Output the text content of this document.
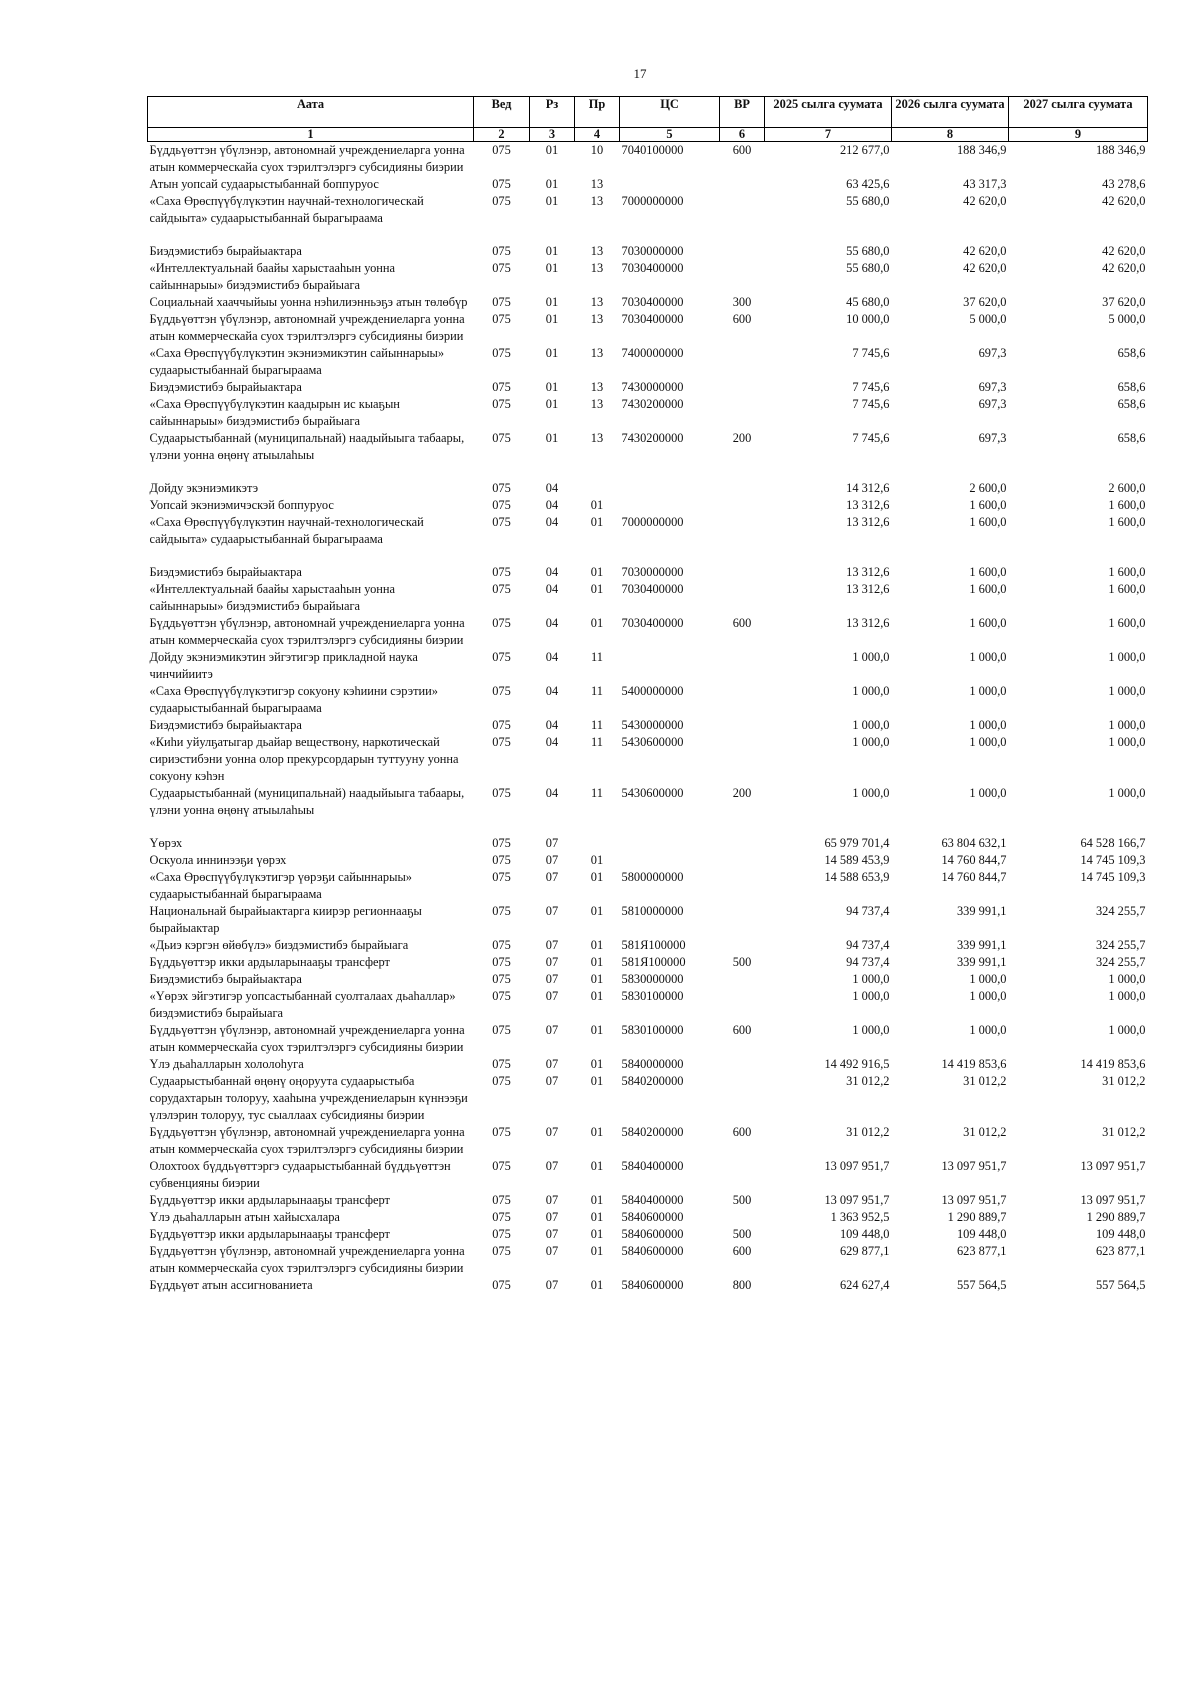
17
Аата	Вед	Рз	Пр	ЦС	ВР	2025 сылга суумата	2026 сылга суумата	2027 сылга суумата
1	2	3	4	5	6	7	8	9
Бүддьүөттэн үбүлэнэр, автономнай учреждениеларга уонна атын коммерческайа суох тэрилтэлэргэ субсидияны биэрии	075	01	10	7040100000	600	212 677,0	188 346,9	188 346,9
Атын уопсай судаарыстыбаннай боппуруос	075	01	13			63 425,6	43 317,3	43 278,6
«Саха Өрөспүүбүлүкэтин научнай-технологическай сайдыыта» судаарыстыбаннай бырагыраама	075	01	13	7000000000		55 680,0	42 620,0	42 620,0

Биэдэмистибэ бырайыактара	075	01	13	7030000000		55 680,0	42 620,0	42 620,0
«Интеллектуальнай баайы харыстааһын уонна сайыннарыы» биэдэмистибэ бырайыага	075	01	13	7030400000		55 680,0	42 620,0	42 620,0
Социальнай хааччыйыы уонна нэһилиэнньэҕэ атын төлөбүр	075	01	13	7030400000	300	45 680,0	37 620,0	37 620,0
Бүддьүөттэн үбүлэнэр, автономнай учреждениеларга уонна атын коммерческайа суох тэрилтэлэргэ субсидияны биэрии	075	01	13	7030400000	600	10 000,0	5 000,0	5 000,0
«Саха Өрөспүүбүлүкэтин экэниэмикэтин сайыннарыы» судаарыстыбаннай бырагыраама	075	01	13	7400000000		7 745,6	697,3	658,6
Биэдэмистибэ бырайыактара	075	01	13	7430000000		7 745,6	697,3	658,6
«Саха Өрөспүүбүлүкэтин каадырын ис кыаҕын сайыннарыы» биэдэмистибэ бырайыага	075	01	13	7430200000		7 745,6	697,3	658,6
Судаарыстыбаннай (муниципальнай) наадыйыыга табаары, үлэни уонна өңөнү атыылаһыы	075	01	13	7430200000	200	7 745,6	697,3	658,6

Дойду экэниэмикэтэ	075	04				14 312,6	2 600,0	2 600,0
Уопсай экэниэмичэскэй боппуруос	075	04	01			13 312,6	1 600,0	1 600,0
«Саха Өрөспүүбүлүкэтин научнай-технологическай сайдыыта» судаарыстыбаннай бырагыраама	075	04	01	7000000000		13 312,6	1 600,0	1 600,0

Биэдэмистибэ бырайыактара	075	04	01	7030000000		13 312,6	1 600,0	1 600,0
«Интеллектуальнай баайы харыстааһын уонна сайыннарыы» биэдэмистибэ бырайыага	075	04	01	7030400000		13 312,6	1 600,0	1 600,0
Бүддьүөттэн үбүлэнэр, автономнай учреждениеларга уонна атын коммерческайа суох тэрилтэлэргэ субсидияны биэрии	075	04	01	7030400000	600	13 312,6	1 600,0	1 600,0
Дойду экэниэмикэтин эйгэтигэр прикладной наука чинчийиитэ	075	04	11			1 000,0	1 000,0	1 000,0
«Саха Өрөспүүбүлүкэтигэр сокуону кэһиини сэрэтии» судаарыстыбаннай бырагыраама	075	04	11	5400000000		1 000,0	1 000,0	1 000,0
Биэдэмистибэ бырайыактара	075	04	11	5430000000		1 000,0	1 000,0	1 000,0
«Киһи уйулҕатыгар дьайар веществону, наркотическай сириэстибэни уонна олор прекурсордарын туттууну уонна сокуону кэһэн	075	04	11	5430600000		1 000,0	1 000,0	1 000,0
Судаарыстыбаннай (муниципальнай) наадыйыыга табаары, үлэни уонна өңөнү атыылаһыы	075	04	11	5430600000	200	1 000,0	1 000,0	1 000,0

Үөрэх	075	07				65 979 701,4	63 804 632,1	64 528 166,7
Оскуола иннинээҕи үөрэх	075	07	01			14 589 453,9	14 760 844,7	14 745 109,3
«Саха Өрөспүүбүлүкэтигэр үөрэҕи сайыннарыы» судаарыстыбаннай бырагыраама	075	07	01	5800000000		14 588 653,9	14 760 844,7	14 745 109,3
Национальнай бырайыактарга киирэр регионнааҕы бырайыактар	075	07	01	5810000000		94 737,4	339 991,1	324 255,7
«Дьиэ кэргэн өйөбүлэ» биэдэмистибэ бырайыага	075	07	01	581Я100000		94 737,4	339 991,1	324 255,7
Бүддьүөттэр икки ардыларынааҕы трансферт	075	07	01	581Я100000	500	94 737,4	339 991,1	324 255,7
Биэдэмистибэ бырайыактара	075	07	01	5830000000		1 000,0	1 000,0	1 000,0
«Үөрэх эйгэтигэр уопсастыбаннай суолталаах дьаһаллар» биэдэмистибэ бырайыага	075	07	01	5830100000		1 000,0	1 000,0	1 000,0
Бүддьүөттэн үбүлэнэр, автономнай учреждениеларга уонна атын коммерческайа суох тэрилтэлэргэ субсидияны биэрии	075	07	01	5830100000	600	1 000,0	1 000,0	1 000,0
Үлэ дьаһалларын хололоһуга	075	07	01	5840000000		14 492 916,5	14 419 853,6	14 419 853,6
Судаарыстыбаннай өңөнү оңоруута судаарыстыба сорудахтарын толоруу, хааһына учреждениеларын күннээҕи үлэлэрин толоруу, тус сыаллаах субсидияны биэрии	075	07	01	5840200000		31 012,2	31 012,2	31 012,2
Бүддьүөттэн үбүлэнэр, автономнай учреждениеларга уонна атын коммерческайа суох тэрилтэлэргэ субсидияны биэрии	075	07	01	5840200000	600	31 012,2	31 012,2	31 012,2
Олохтоох бүддьүөттэргэ судаарыстыбаннай бүддьүөттэн субвенцияны биэрии	075	07	01	5840400000		13 097 951,7	13 097 951,7	13 097 951,7
Бүддьүөттэр икки ардыларынааҕы трансферт	075	07	01	5840400000	500	13 097 951,7	13 097 951,7	13 097 951,7
Үлэ дьаһалларын атын хайысхалара	075	07	01	5840600000		1 363 952,5	1 290 889,7	1 290 889,7
Бүддьүөттэр икки ардыларынааҕы трансферт	075	07	01	5840600000	500	109 448,0	109 448,0	109 448,0
Бүддьүөттэн үбүлэнэр, автономнай учреждениеларга уонна атын коммерческайа суох тэрилтэлэргэ субсидияны биэрии	075	07	01	5840600000	600	629 877,1	623 877,1	623 877,1
Бүддьүөт атын ассигнованиета	075	07	01	5840600000	800	624 627,4	557 564,5	557 564,5
